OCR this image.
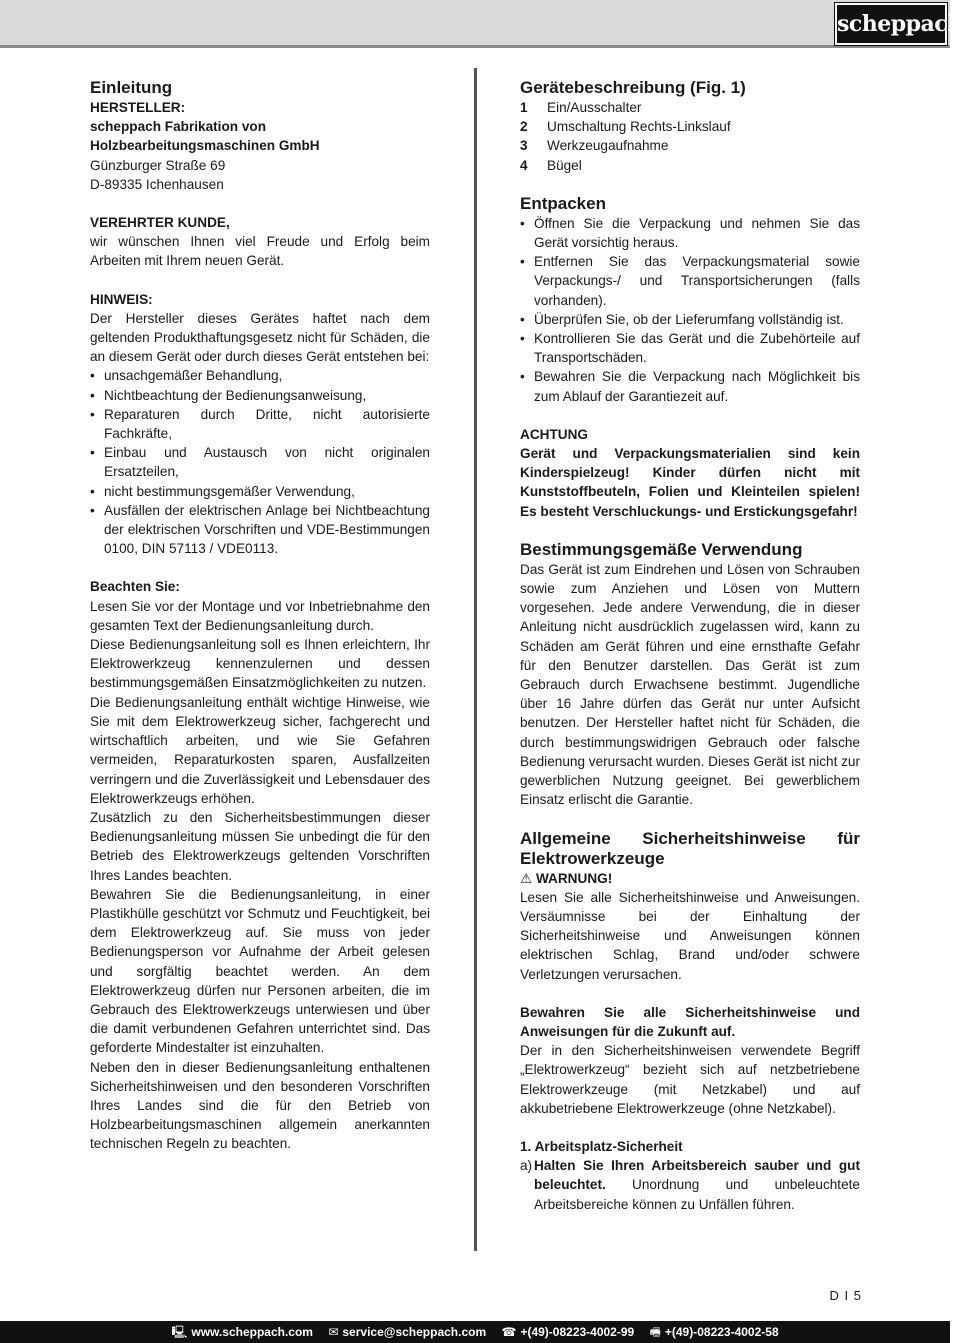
scheppach
Einleitung
HERSTELLER:
scheppach Fabrikation von
Holzbearbeitungsmaschinen GmbH
Günzburger Straße 69
D-89335 Ichenhausen
VEREHRTER KUNDE,

wir wünschen Ihnen viel Freude und Erfolg beim Arbeiten mit Ihrem neuen Gerät.

HINWEIS:

Der Hersteller dieses Gerätes haftet nach dem geltenden Produkthaftungsgesetz nicht für Schäden, die an diesem Gerät oder durch dieses Gerät entstehen bei:

• unsachgemäßer Behandlung,
• Nichtbeachtung der Bedienungsanweisung,
• Reparaturen durch Dritte, nicht autorisierte Fachkräfte,
• Einbau und Austausch von nicht originalen Ersatzteilen,
• nicht bestimmungsgemäßer Verwendung,
• Ausfällen der elektrischen Anlage bei Nichtbeachtung der elektrischen Vorschriften und VDE-Bestimmungen 0100, DIN 57113 / VDE0113.
Beachten Sie:

Lesen Sie vor der Montage und vor Inbetriebnahme den gesamten Text der Bedienungsanleitung durch.

Diese Bedienungsanleitung soll es Ihnen erleichtern, Ihr Elektrowerkzeug kennenzulernen und dessen bestimmungsgemäßen Einsatzmöglichkeiten zu nutzen.

Die Bedienungsanleitung enthält wichtige Hinweise, wie Sie mit dem Elektrowerkzeug sicher, fachgerecht und wirtschaftlich arbeiten, und wie Sie Gefahren vermeiden, Reparaturkosten sparen, Ausfallzeiten verringern und die Zuverlässigkeit und Lebensdauer des Elektrowerkzeugs erhöhen.

Zusätzlich zu den Sicherheitsbestimmungen dieser Bedienungsanleitung müssen Sie unbedingt die für den Betrieb des Elektrowerkzeugs geltenden Vorschriften Ihres Landes beachten.

Bewahren Sie die Bedienungsanleitung, in einer Plastikhülle geschützt vor Schmutz und Feuchtigkeit, bei dem Elektrowerkzeug auf. Sie muss von jeder Bedienungsperson vor Aufnahme der Arbeit gelesen und sorgfältig beachtet werden. An dem Elektrowerkzeug dürfen nur Personen arbeiten, die im Gebrauch des Elektrowerkzeugs unterwiesen und über die damit verbundenen Gefahren unterrichtet sind. Das geforderte Mindestalter ist einzuhalten.

Neben den in dieser Bedienungsanleitung enthaltenen Sicherheitshinweisen und den besonderen Vorschriften Ihres Landes sind die für den Betrieb von Holzbearbeitungsmaschinen allgemein anerkannten technischen Regeln zu beachten.

Gerätebeschreibung (Fig. 1)
1	Ein/Ausschalter
2	Umschaltung Rechts-Linkslauf
3	Werkzeugaufnahme
4	Bügel
Entpacken
• Öffnen Sie die Verpackung und nehmen Sie das Gerät vorsichtig heraus.
• Entfernen Sie das Verpackungsmaterial sowie Verpackungs-/ und Transportsicherungen (falls vorhanden).
• Überprüfen Sie, ob der Lieferumfang vollständig ist.
• Kontrollieren Sie das Gerät und die Zubehörteile auf Transportschäden.
• Bewahren Sie die Verpackung nach Möglichkeit bis zum Ablauf der Garantiezeit auf.
ACHTUNG

Gerät und Verpackungsmaterialien sind kein Kinderspielzeug! Kinder dürfen nicht mit Kunststoffbeuteln, Folien und Kleinteilen spielen! Es besteht Verschluckungs- und Erstickungsgefahr!

Bestimmungsgemäße Verwendung

Das Gerät ist zum Eindrehen und Lösen von Schrauben sowie zum Anziehen und Lösen von Muttern vorgesehen. Jede andere Verwendung, die in dieser Anleitung nicht ausdrücklich zugelassen wird, kann zu Schäden am Gerät führen und eine ernsthafte Gefahr für den Benutzer darstellen. Das Gerät ist zum Gebrauch durch Erwachsene bestimmt. Jugendliche über 16 Jahre dürfen das Gerät nur unter Aufsicht benutzen. Der Hersteller haftet nicht für Schäden, die durch bestimmungswidrigen Gebrauch oder falsche Bedienung verursacht wurden. Dieses Gerät ist nicht zur gewerblichen Nutzung geeignet. Bei gewerblichem Einsatz erlischt die Garantie.

Allgemeine Sicherheitshinweise für Elektrowerkzeuge
⚠ WARNUNG!

Lesen Sie alle Sicherheitshinweise und Anweisungen. Versäumnisse bei der Einhaltung der Sicherheitshinweise und Anweisungen können elektrischen Schlag, Brand und/oder schwere Verletzungen verursachen.

Bewahren Sie alle Sicherheitshinweise und Anweisungen für die Zukunft auf.

Der in den Sicherheitshinweisen verwendete Begriff „Elektrowerkzeug“ bezieht sich auf netzbetriebene Elektrowerkzeuge (mit Netzkabel) und auf akkubetriebene Elektrowerkzeuge (ohne Netzkabel).

1. Arbeitsplatz-Sicherheit
a) Halten Sie Ihren Arbeitsbereich sauber und gut beleuchtet. Unordnung und unbeleuchtete Arbeitsbereiche können zu Unfällen führen.
D I 5
🖳 www.scheppach.com ✉ service@scheppach.com ☎ +(49)-08223-4002-99 🖷 +(49)-08223-4002-58
